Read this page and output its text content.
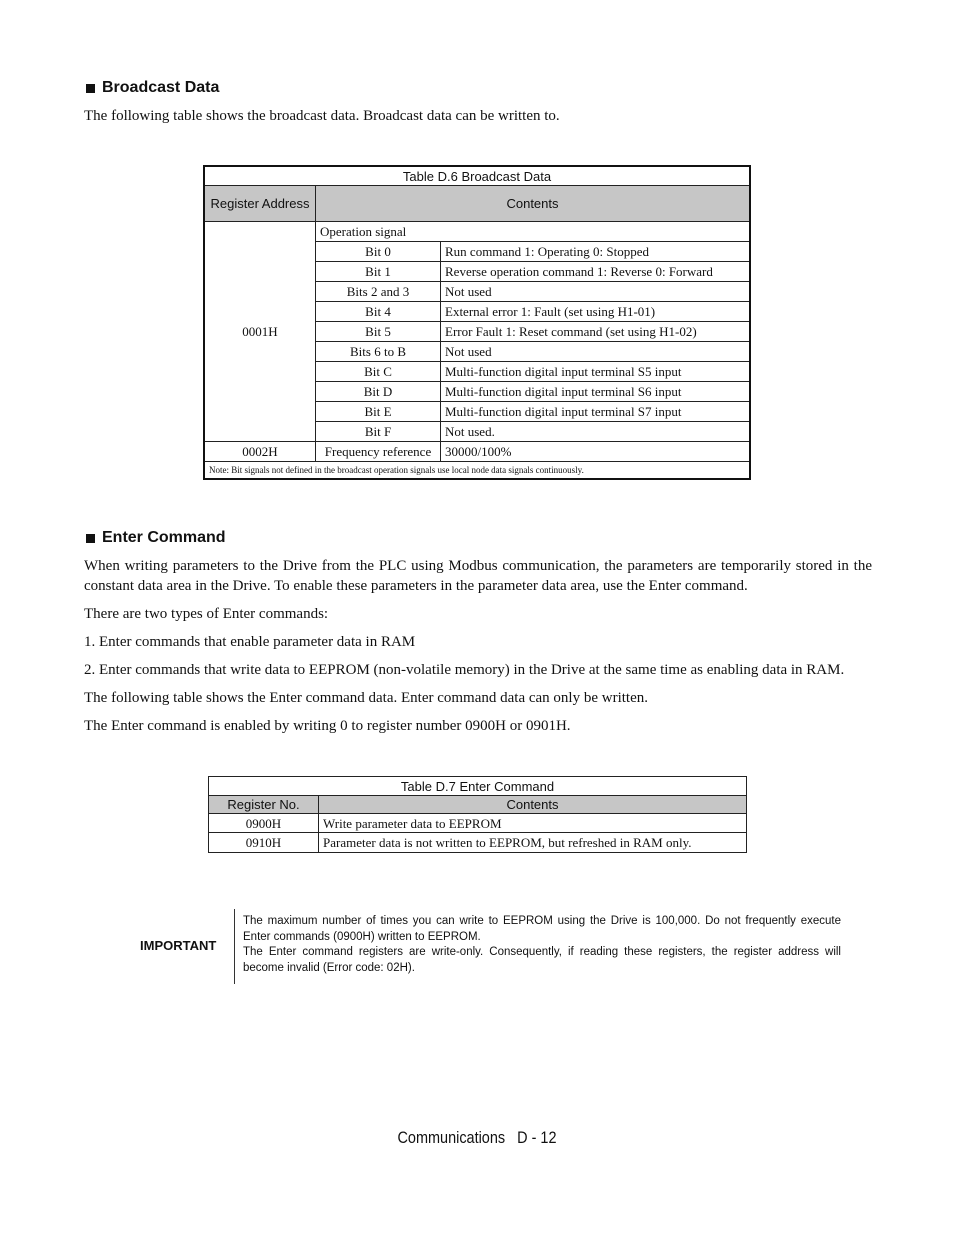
Broadcast Data

The following table shows the broadcast data. Broadcast data can be written to.

Table D.6 Broadcast Data		
Register Address	Contents	
0001H	Operation signal	
	Bit 0	Run command 1: Operating 0: Stopped
	Bit 1	Reverse operation command 1: Reverse 0: Forward
	Bits 2 and 3	Not used
	Bit 4	External error 1: Fault (set using H1-01)
	Bit 5	Error Fault 1: Reset command (set using H1-02)
	Bits 6 to B	Not used
	Bit C	Multi-function digital input terminal S5 input
	Bit D	Multi-function digital input terminal S6 input
	Bit E	Multi-function digital input terminal S7 input
	Bit F	Not used.
0002H	Frequency reference	30000/100%
Note: Bit signals not defined in the broadcast operation signals use local node data signals continuously.		
Enter Command

When writing parameters to the Drive from the PLC using Modbus communication, the parameters are temporarily stored in the constant data area in the Drive. To enable these parameters in the parameter data area, use the Enter command.

There are two types of Enter commands:

1. Enter commands that enable parameter data in RAM

2. Enter commands that write data to EEPROM (non-volatile memory) in the Drive at the same time as enabling data in RAM.

The following table shows the Enter command data. Enter command data can only be written.

The Enter command is enabled by writing 0 to register number 0900H or 0901H.

Table D.7 Enter Command	
Register No.	Contents
0900H	Write parameter data to EEPROM
0910H	Parameter data is not written to EEPROM, but refreshed in RAM only.

IMPORTANT

The maximum number of times you can write to EEPROM using the Drive is 100,000. Do not frequently execute Enter commands (0900H) written to EEPROM.

The Enter command registers are write-only. Consequently, if reading these registers, the register address will become invalid (Error code: 02H).

Communications   D - 12
